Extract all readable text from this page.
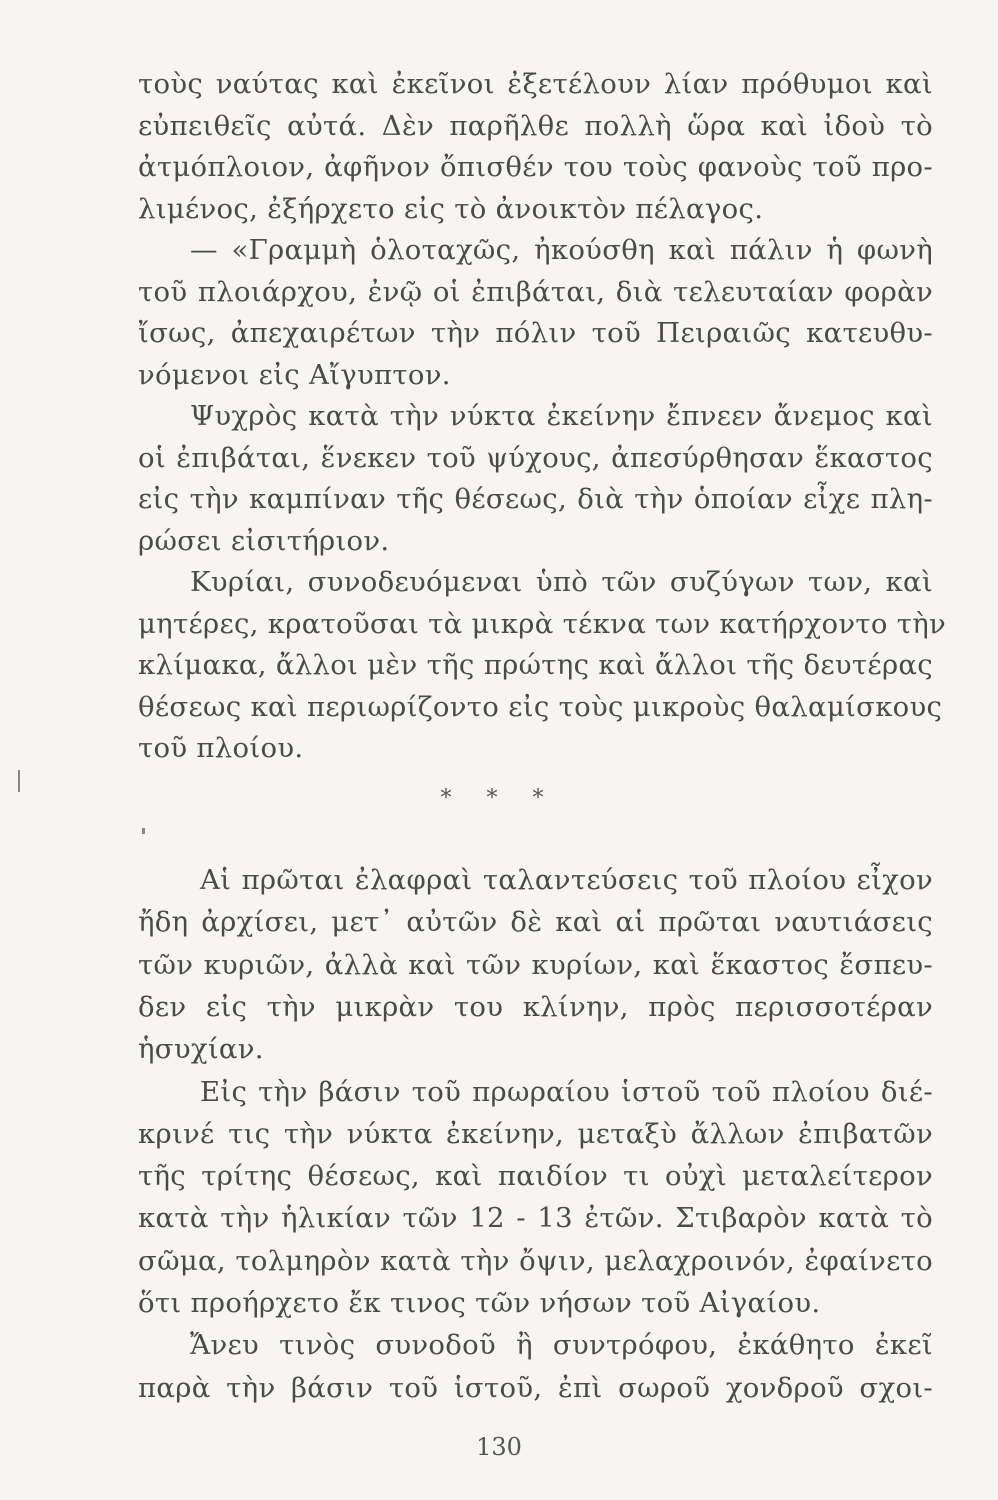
τοὺς ναύτας καὶ ἐκεῖνοι ἐξετέλουν λίαν πρόθυμοι καὶ
εὐπειθεῖς αὐτά. Δὲν παρῆλθε πολλὴ ὥρα καὶ ἰδοὺ τὸ
ἀτμόπλοιον, ἀφῆνον ὄπισθέν του τοὺς φανοὺς τοῦ προ-
λιμένος, ἐξήρχετο εἰς τὸ ἀνοικτὸν πέλαγος.
— «Γραμμὴ ὁλοταχῶς, ἠκούσθη καὶ πάλιν ἡ φωνὴ
τοῦ πλοιάρχου, ἐνῷ οἱ ἐπιβάται, διὰ τελευταίαν φορὰν
ἴσως, ἀπεχαιρέτων τὴν πόλιν τοῦ Πειραιῶς κατευθυ-
νόμενοι εἰς Αἴγυπτον.
Ψυχρὸς κατὰ τὴν νύκτα ἐκείνην ἔπνεεν ἄνεμος καὶ
οἱ ἐπιβάται, ἕνεκεν τοῦ ψύχους, ἀπεσύρθησαν ἕκαστος
εἰς τὴν καμπίναν τῆς θέσεως, διὰ τὴν ὁποίαν εἶχε πλη-
ρώσει εἰσιτήριον.
Κυρίαι, συνοδευόμεναι ὑπὸ τῶν συζύγων των, καὶ
μητέρες, κρατοῦσαι τὰ μικρὰ τέκνα των κατήρχοντο τὴν
κλίμακα, ἄλλοι μὲν τῆς πρώτης καὶ ἄλλοι τῆς δευτέρας
θέσεως καὶ περιωρίζοντο εἰς τοὺς μικροὺς θαλαμίσκους
τοῦ πλοίου.
* * *
Αἱ πρῶται ἐλαφραὶ ταλαντεύσεις τοῦ πλοίου εἶχον
ἤδη ἀρχίσει, μετ᾿ αὐτῶν δὲ καὶ αἱ πρῶται ναυτιάσεις
τῶν κυριῶν, ἀλλὰ καὶ τῶν κυρίων, καὶ ἕκαστος ἔσπευ-
δεν εἰς τὴν μικρὰν του κλίνην, πρὸς περισσοτέραν
ἡσυχίαν.
Εἰς τὴν βάσιν τοῦ πρωραίου ἱστοῦ τοῦ πλοίου διέ-
κρινέ τις τὴν νύκτα ἐκείνην, μεταξὺ ἄλλων ἐπιβατῶν
τῆς τρίτης θέσεως, καὶ παιδίον τι οὐχὶ μεταλείτερον
κατὰ τὴν ἡλικίαν τῶν 12 - 13 ἐτῶν. Στιβαρὸν κατὰ τὸ
σῶμα, τολμηρὸν κατὰ τὴν ὄψιν, μελαχροινόν, ἐφαίνετο
ὅτι προήρχετο ἔκ τινος τῶν νήσων τοῦ Αἰγαίου.
Ἄνευ τινὸς συνοδοῦ ἢ συντρόφου, ἐκάθητο ἐκεῖ
παρὰ τὴν βάσιν τοῦ ἱστοῦ, ἐπὶ σωροῦ χονδροῦ σχοι-
130
